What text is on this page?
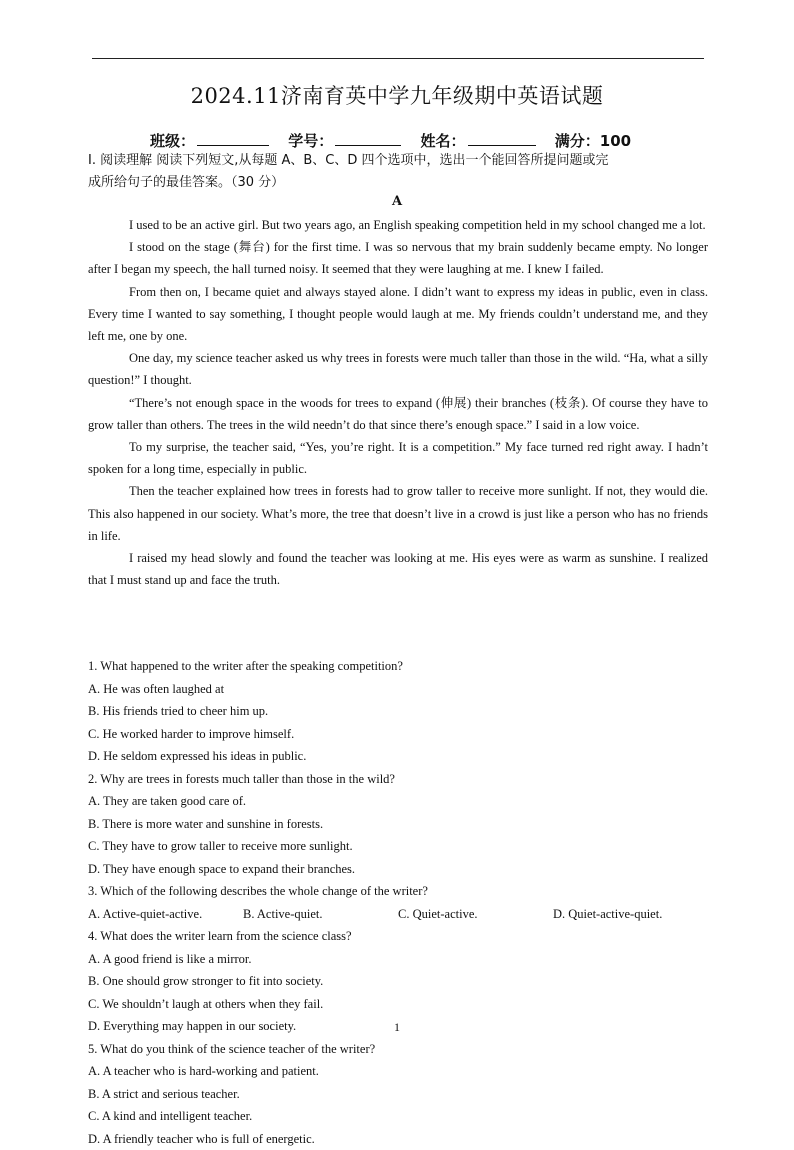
2024.11济南育英中学九年级期中英语试题
班级：	学号：	姓名：	满分：100
I. 阅读理解 阅读下列短文,从每题 A、B、C、D 四个选项中，选出一个能回答所提问题或完
成所给句子的最佳答案。（30 分）
A

I used to be an active girl. But two years ago, an English speaking competition held in my school changed me a lot.

I stood on the stage (舞台) for the first time. I was so nervous that my brain suddenly became empty. No longer after I began my speech, the hall turned noisy. It seemed that they were laughing at me. I knew I failed.

From then on, I became quiet and always stayed alone. I didn’t want to express my ideas in public, even in class. Every time I wanted to say something, I thought people would laugh at me. My friends couldn’t understand me, and they left me, one by one.

One day, my science teacher asked us why trees in forests were much taller than those in the wild. “Ha, what a silly question!” I thought.

“There’s not enough space in the woods for trees to expand (伸展) their branches (枝条). Of course they have to grow taller than others. The trees in the wild needn’t do that since there’s enough space.” I said in a low voice.

To my surprise, the teacher said, “Yes, you’re right. It is a competition.” My face turned red right away. I hadn’t spoken for a long time, especially in public.

Then the teacher explained how trees in forests had to grow taller to receive more sunlight. If not, they would die. This also happened in our society. What’s more, the tree that doesn’t live in a crowd is just like a person who has no friends in life.

I raised my head slowly and found the teacher was looking at me. His eyes were as warm as sunshine. I realized that I must stand up and face the truth.

1. What happened to the writer after the speaking competition?
A. He was often laughed at
B. His friends tried to cheer him up.
C. He worked harder to improve himself.
D. He seldom expressed his ideas in public.
2. Why are trees in forests much taller than those in the wild?
A. They are taken good care of.
B. There is more water and sunshine in forests.
C. They have to grow taller to receive more sunlight.
D. They have enough space to expand their branches.
3. Which of the following describes the whole change of the writer?
A. Active-quiet-active.	B. Active-quiet.	C. Quiet-active.	D. Quiet-active-quiet.
4. What does the writer learn from the science class?
A. A good friend is like a mirror.
B. One should grow stronger to fit into society.
C. We shouldn’t laugh at others when they fail.
D. Everything may happen in our society.
5. What do you think of the science teacher of the writer?
A. A teacher who is hard-working and patient.
B. A strict and serious teacher.
C. A kind and intelligent teacher.
D. A friendly teacher who is full of energetic.
1
